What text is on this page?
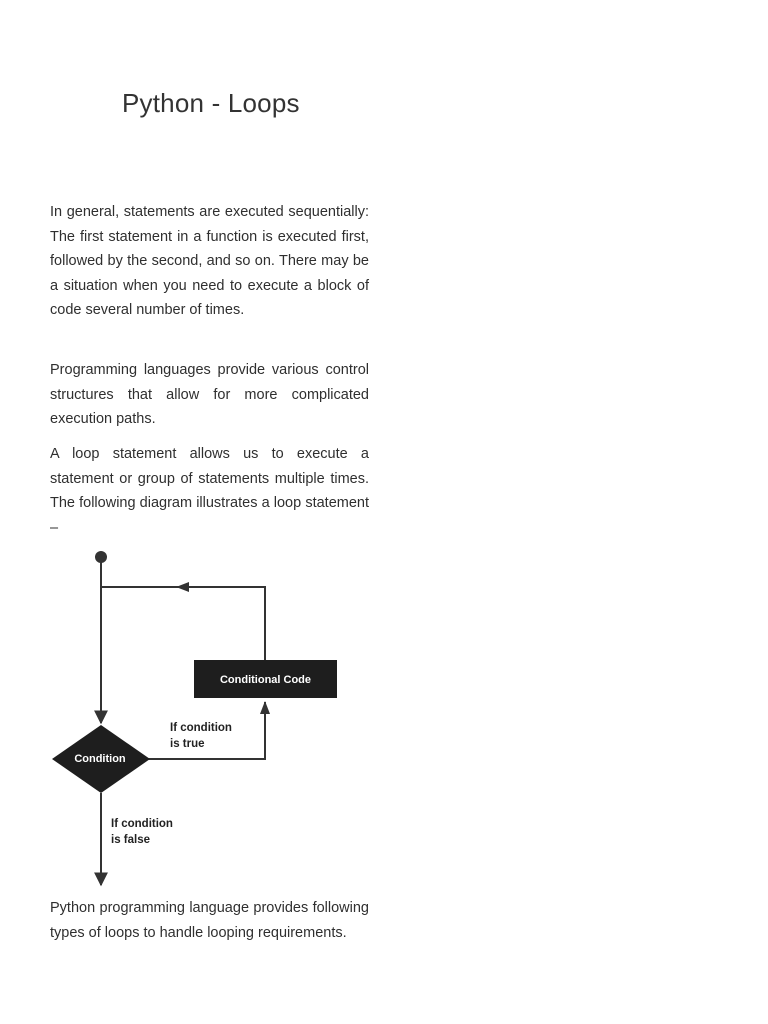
Python - Loops

In general, statements are executed sequentially: The first statement in a function is executed first, followed by the second, and so on. There may be a situation when you need to execute a block of code several number of times.

Programming languages provide various control structures that allow for more complicated execution paths.

A loop statement allows us to execute a statement or group of statements multiple times. The following diagram illustrates a loop statement –

Conditional Code
Condition
If condition
is true
If condition
is false

Python programming language provides following types of loops to handle looping requirements.
